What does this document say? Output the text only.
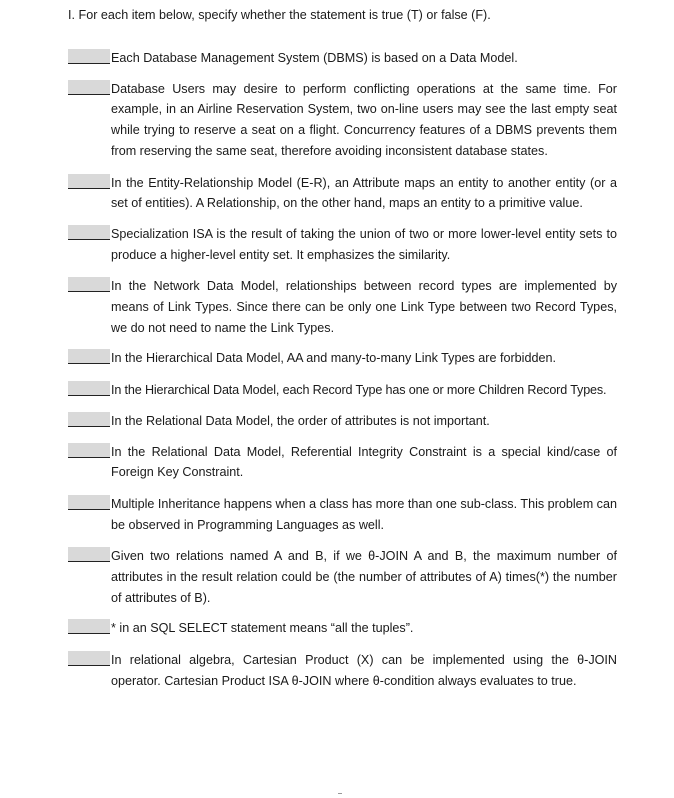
I. For each item below, specify whether the statement is true (T) or false (F).
Each Database Management System (DBMS) is based on a Data Model.
Database Users may desire to perform conflicting operations at the same time. For example, in an Airline Reservation System, two on-line users may see the last empty seat while trying to reserve a seat on a flight. Concurrency features of a DBMS prevents them from reserving the same seat, therefore avoiding inconsistent database states.
In the Entity-Relationship Model (E-R), an Attribute maps an entity to another entity (or a set of entities). A Relationship, on the other hand, maps an entity to a primitive value.
Specialization ISA is the result of taking the union of two or more lower-level entity sets to produce a higher-level entity set. It emphasizes the similarity.
In the Network Data Model, relationships between record types are implemented by means of Link Types. Since there can be only one Link Type between two Record Types, we do not need to name the Link Types.
In the Hierarchical Data Model, AA and many-to-many Link Types are forbidden.
In the Hierarchical Data Model, each Record Type has one or more Children Record Types.
In the Relational Data Model, the order of attributes is not important.
In the Relational Data Model, Referential Integrity Constraint is a special kind/case of Foreign Key Constraint.
Multiple Inheritance happens when a class has more than one sub-class. This problem can be observed in Programming Languages as well.
Given two relations named A and B, if we θ-JOIN A and B, the maximum number of attributes in the result relation could be (the number of attributes of A) times(*) the number of attributes of B).
* in an SQL SELECT statement means “all the tuples”.
In relational algebra, Cartesian Product (X) can be implemented using the θ-JOIN operator. Cartesian Product ISA θ-JOIN where θ-condition always evaluates to true.
